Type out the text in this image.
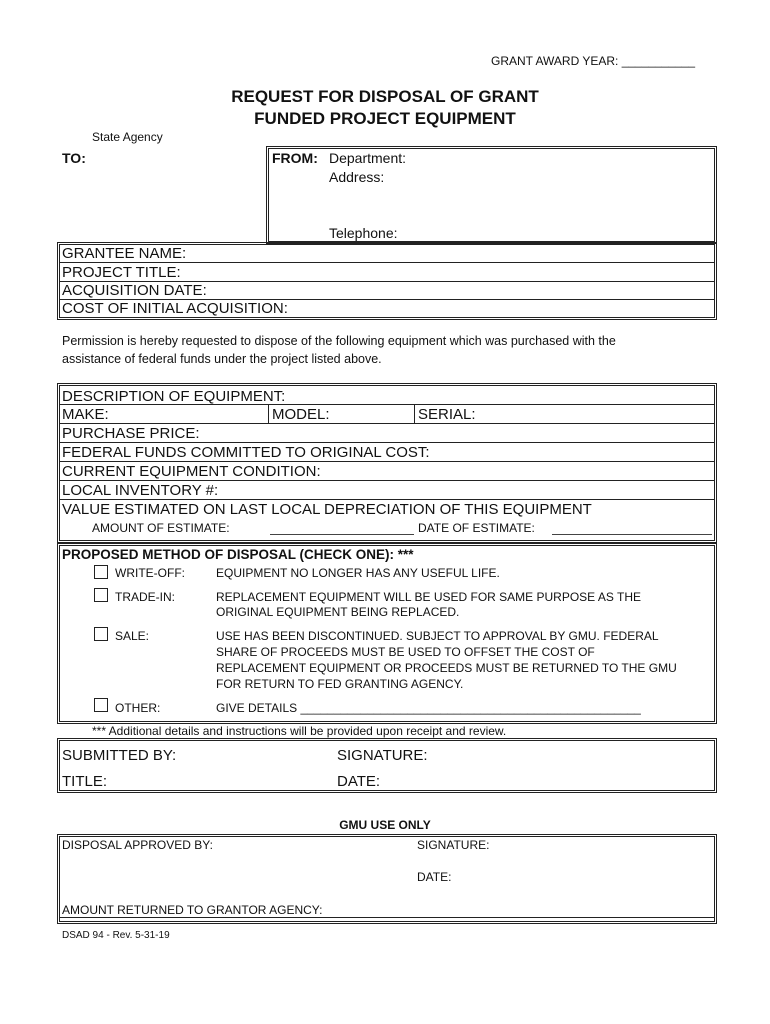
GRANT AWARD YEAR: ___________
REQUEST FOR DISPOSAL OF GRANT
FUNDED PROJECT EQUIPMENT
State Agency
TO:	FROM: Department:
Address:
Telephone:
GRANTEE NAME:
PROJECT TITLE:
ACQUISITION DATE:
COST OF INITIAL ACQUISITION:
Permission is hereby requested to dispose of the following equipment which was purchased with the
assistance of federal funds under the project listed above.
DESCRIPTION OF EQUIPMENT:
MAKE:	MODEL:	SERIAL:
PURCHASE PRICE:
FEDERAL FUNDS COMMITTED TO ORIGINAL COST:
CURRENT EQUIPMENT CONDITION:
LOCAL INVENTORY #:
VALUE ESTIMATED ON LAST LOCAL DEPRECIATION OF THIS EQUIPMENT
AMOUNT OF ESTIMATE:	DATE OF ESTIMATE:
PROPOSED METHOD OF DISPOSAL (CHECK ONE): ***
WRITE-OFF:	EQUIPMENT NO LONGER HAS ANY USEFUL LIFE.
TRADE-IN:	REPLACEMENT EQUIPMENT WILL BE USED FOR SAME PURPOSE AS THE
ORIGINAL EQUIPMENT BEING REPLACED.
SALE:	USE HAS BEEN DISCONTINUED. SUBJECT TO APPROVAL BY GMU. FEDERAL
SHARE OF PROCEEDS MUST BE USED TO OFFSET THE COST OF
REPLACEMENT EQUIPMENT OR PROCEEDS MUST BE RETURNED TO THE GMU
FOR RETURN TO FED GRANTING AGENCY.
OTHER:	GIVE DETAILS ___________________________________________________
*** Additional details and instructions will be provided upon receipt and review.
SUBMITTED BY:	SIGNATURE:
TITLE:	DATE:
GMU USE ONLY
DISPOSAL APPROVED BY:	SIGNATURE:
DATE:
AMOUNT RETURNED TO GRANTOR AGENCY:
DSAD 94 - Rev. 5-31-19
